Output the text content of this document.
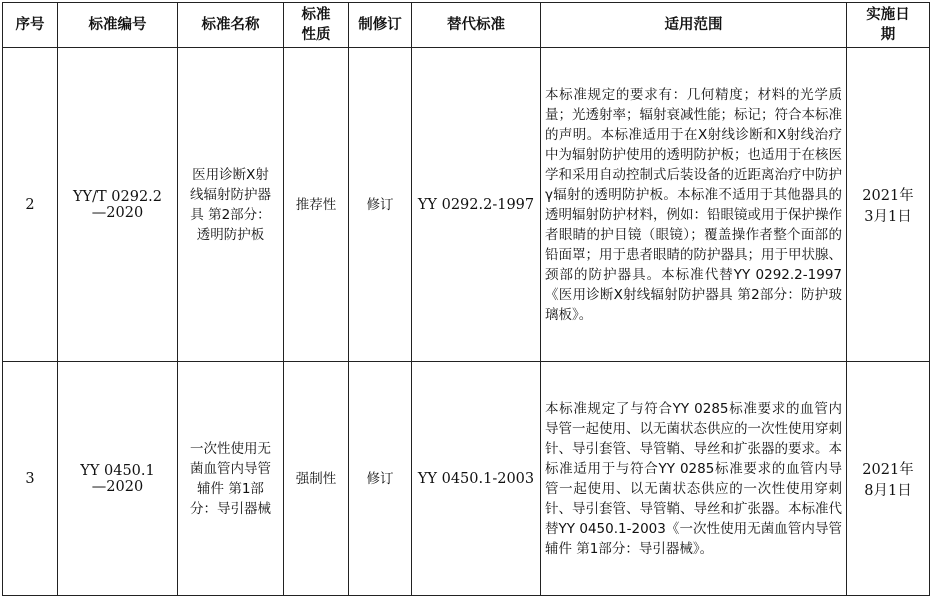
序号	标准编号	标准名称	标准性质	制修订	替代标准	适用范围	实施日期
2	YY/T 0292.2—2020	医用诊断X射线辐射防护器具 第2部分：透明防护板	推荐性	修订	YY 0292.2-1997	本标准规定的要求有：几何精度；材料的光学质量；光透射率；辐射衰减性能；标记；符合本标准的声明。本标准适用于在X射线诊断和X射线治疗中为辐射防护使用的透明防护板；也适用于在核医学和采用自动控制式后装设备的近距离治疗中防护γ辐射的透明防护板。本标准不适用于其他器具的透明辐射防护材料，例如：铅眼镜或用于保护操作者眼睛的护目镜（眼镜）；覆盖操作者整个面部的铅面罩；用于患者眼睛的防护器具；用于甲状腺、颈部的防护器具。本标准代替YY 0292.2-1997《医用诊断X射线辐射防护器具 第2部分：防护玻璃板》。	2021年3月1日
3	YY 0450.1—2020	一次性使用无菌血管内导管辅件 第1部分：导引器械	强制性	修订	YY 0450.1-2003	本标准规定了与符合YY 0285标准要求的血管内导管一起使用、以无菌状态供应的一次性使用穿刺针、导引套管、导管鞘、导丝和扩张器的要求。本标准适用于与符合YY 0285标准要求的血管内导管一起使用、以无菌状态供应的一次性使用穿刺针、导引套管、导管鞘、导丝和扩张器。本标准代替YY 0450.1-2003《一次性使用无菌血管内导管辅件 第1部分：导引器械》。	2021年8月1日
